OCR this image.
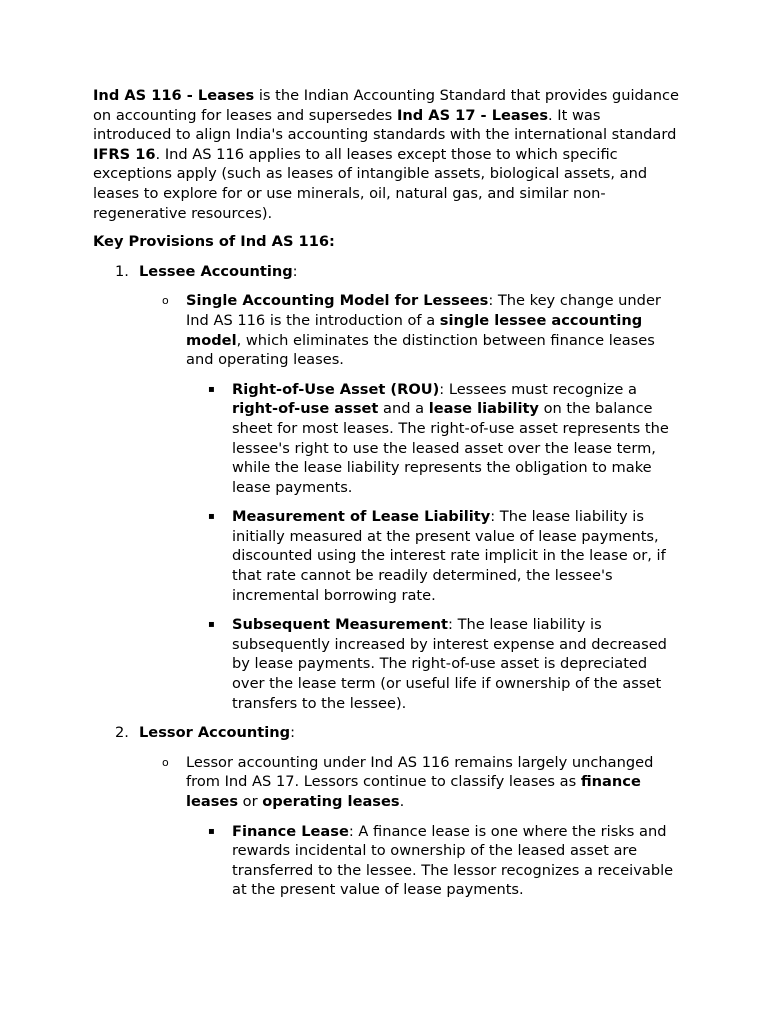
Ind AS 116 - Leases is the Indian Accounting Standard that provides guidance on accounting for leases and supersedes Ind AS 17 - Leases. It was introduced to align India's accounting standards with the international standard IFRS 16. Ind AS 116 applies to all leases except those to which specific exceptions apply (such as leases of intangible assets, biological assets, and leases to explore for or use minerals, oil, natural gas, and similar non-regenerative resources).

Key Provisions of Ind AS 116:

1. Lessee Accounting:

o Single Accounting Model for Lessees: The key change under Ind AS 116 is the introduction of a single lessee accounting model, which eliminates the distinction between finance leases and operating leases.

▪ Right-of-Use Asset (ROU): Lessees must recognize a right-of-use asset and a lease liability on the balance sheet for most leases. The right-of-use asset represents the lessee's right to use the leased asset over the lease term, while the lease liability represents the obligation to make lease payments.

▪ Measurement of Lease Liability: The lease liability is initially measured at the present value of lease payments, discounted using the interest rate implicit in the lease or, if that rate cannot be readily determined, the lessee's incremental borrowing rate.

▪ Subsequent Measurement: The lease liability is subsequently increased by interest expense and decreased by lease payments. The right-of-use asset is depreciated over the lease term (or useful life if ownership of the asset transfers to the lessee).

2. Lessor Accounting:

o Lessor accounting under Ind AS 116 remains largely unchanged from Ind AS 17. Lessors continue to classify leases as finance leases or operating leases.

▪ Finance Lease: A finance lease is one where the risks and rewards incidental to ownership of the leased asset are transferred to the lessee. The lessor recognizes a receivable at the present value of lease payments.
